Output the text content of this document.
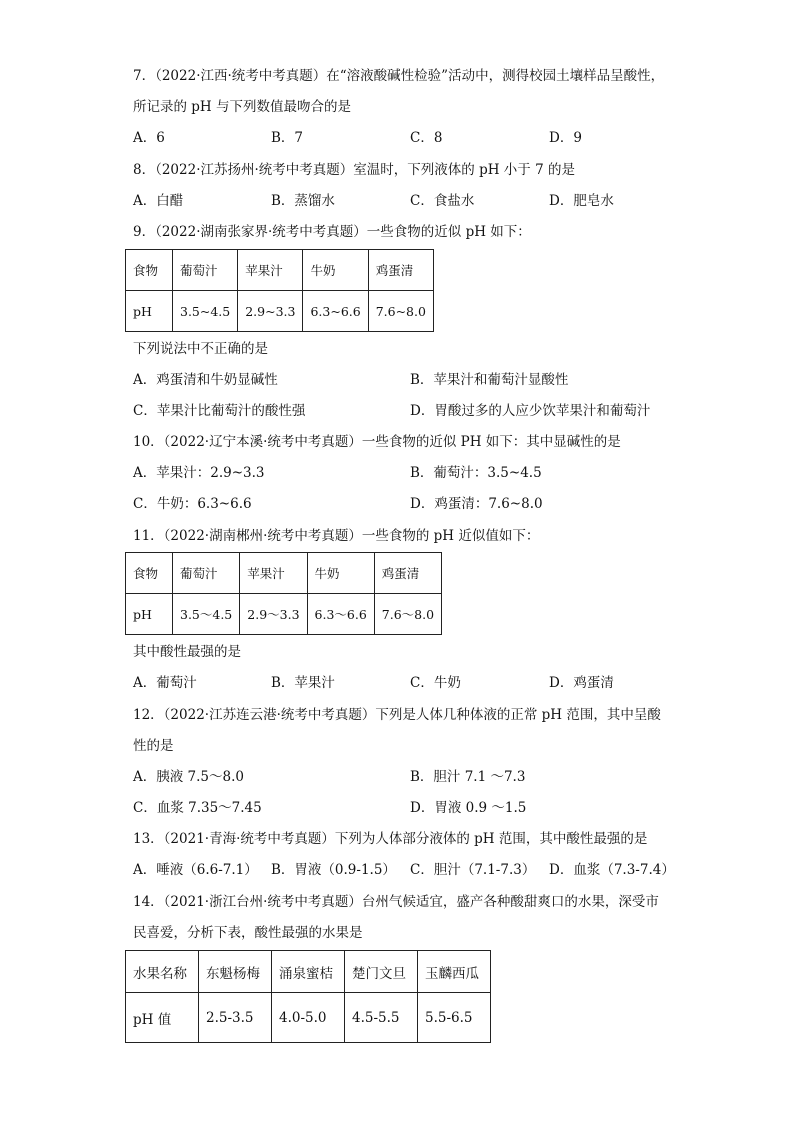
7．（2022·江西·统考中考真题）在“溶液酸碱性检验”活动中，测得校园土壤样品呈酸性，
所记录的 pH 与下列数值最吻合的是
A．6	B．7	C．8	D．9
8．（2022·江苏扬州·统考中考真题）室温时，下列液体的 pH 小于 7 的是
A．白醋	B．蒸馏水	C．食盐水	D．肥皂水
9．（2022·湖南张家界·统考中考真题）一些食物的近似 pH 如下：
食物	葡萄汁	苹果汁	牛奶	鸡蛋清
pH	3.5~4.5	2.9~3.3	6.3~6.6	7.6~8.0
下列说法中不正确的是
A．鸡蛋清和牛奶显碱性	B．苹果汁和葡萄汁显酸性
C．苹果汁比葡萄汁的酸性强	D．胃酸过多的人应少饮苹果汁和葡萄汁
10．（2022·辽宁本溪·统考中考真题）一些食物的近似 PH 如下：其中显碱性的是
A．苹果汁：2.9~3.3	B．葡萄汁：3.5~4.5
C．牛奶：6.3~6.6	D．鸡蛋清：7.6~8.0
11．（2022·湖南郴州·统考中考真题）一些食物的 pH 近似值如下：
食物	葡萄汁	苹果汁	牛奶	鸡蛋清
pH	3.5～4.5	2.9～3.3	6.3～6.6	7.6～8.0
其中酸性最强的是
A．葡萄汁	B．苹果汁	C．牛奶	D．鸡蛋清
12．（2022·江苏连云港·统考中考真题）下列是人体几种体液的正常 pH 范围，其中呈酸
性的是
A．胰液 7.5～8.0	B．胆汁 7.1 ～7.3
C．血浆 7.35～7.45	D．胃液 0.9 ～1.5
13．（2021·青海·统考中考真题）下列为人体部分液体的 pH 范围，其中酸性最强的是
A．唾液（6.6-7.1） B．胃液（0.9-1.5） C．胆汁（7.1-7.3） D．血浆（7.3-7.4）
14．（2021·浙江台州·统考中考真题）台州气候适宜，盛产各种酸甜爽口的水果，深受市
民喜爱，分析下表，酸性最强的水果是
水果名称	东魁杨梅	涌泉蜜桔	楚门文旦	玉麟西瓜
pH 值	2.5-3.5	4.0-5.0	4.5-5.5	5.5-6.5
